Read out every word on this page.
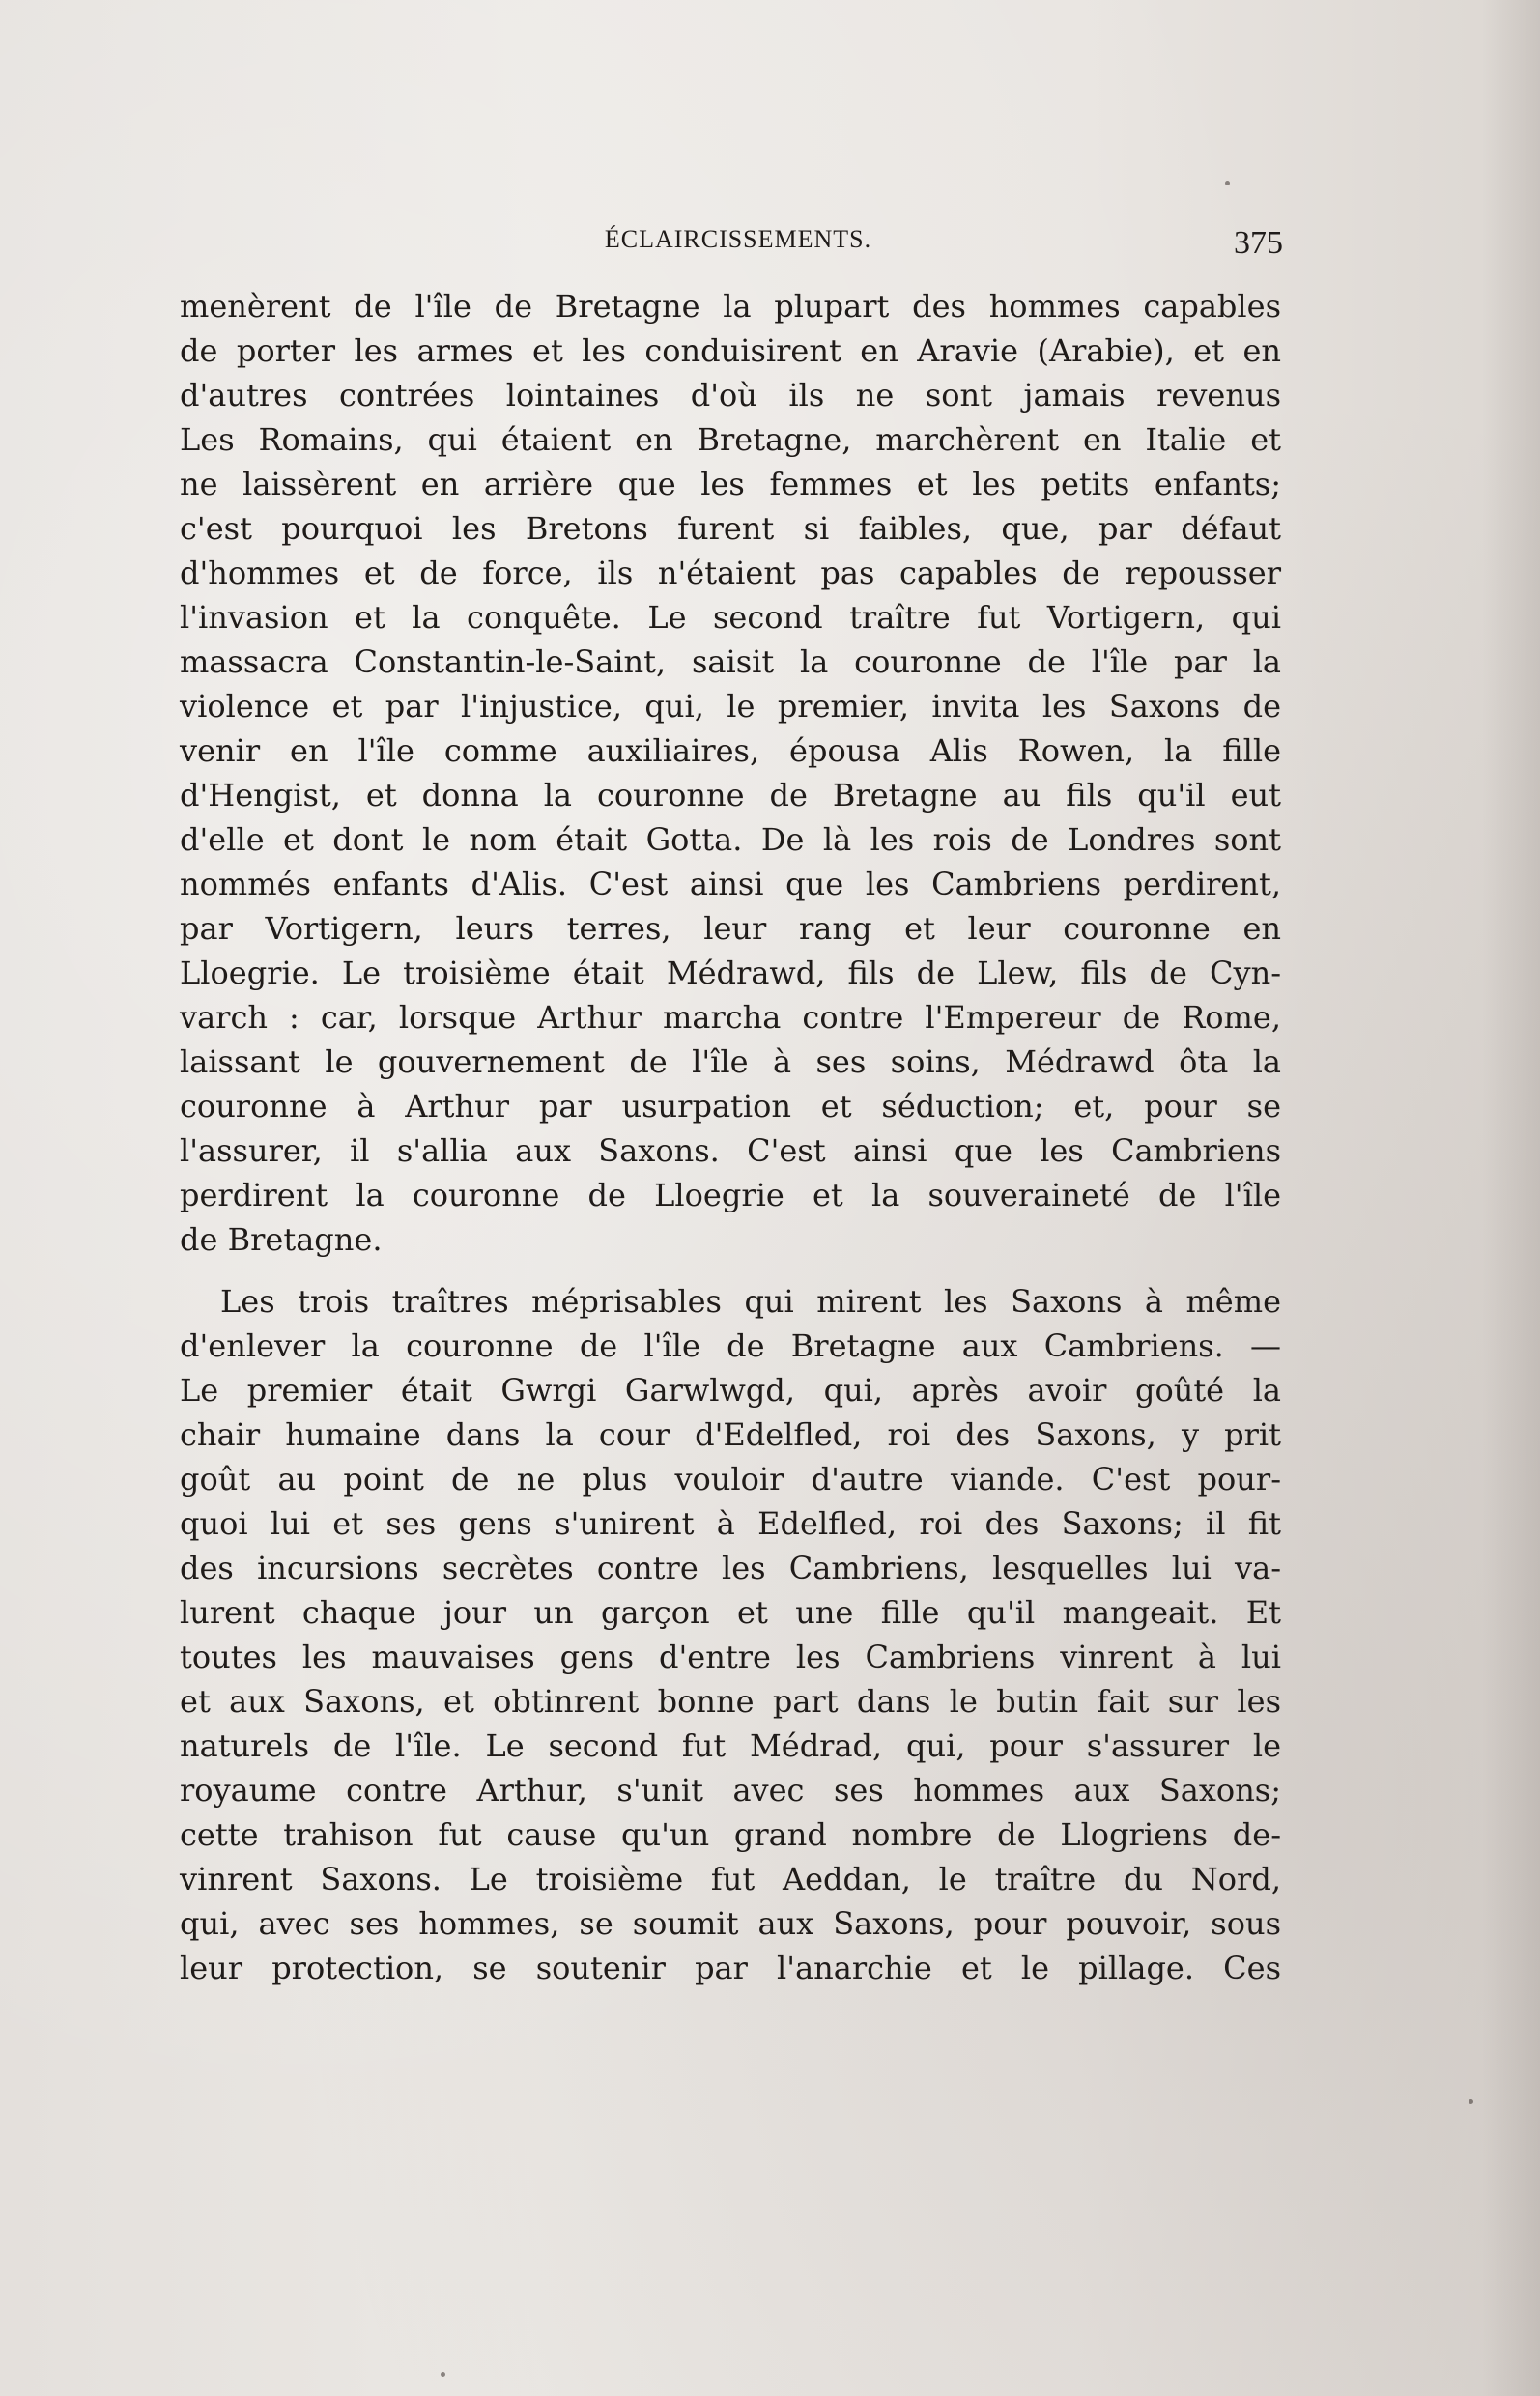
ÉCLAIRCISSEMENTS.	375
menèrent de l'île de Bretagne la plupart des hommes capables
de porter les armes et les conduisirent en Aravie (Arabie), et en
d'autres contrées lointaines d'où ils ne sont jamais revenus
Les Romains, qui étaient en Bretagne, marchèrent en Italie et
ne laissèrent en arrière que les femmes et les petits enfants;
c'est pourquoi les Bretons furent si faibles, que, par défaut
d'hommes et de force, ils n'étaient pas capables de repousser
l'invasion et la conquête. Le second traître fut Vortigern, qui
massacra Constantin-le-Saint, saisit la couronne de l'île par la
violence et par l'injustice, qui, le premier, invita les Saxons de
venir en l'île comme auxiliaires, épousa Alis Rowen, la fille
d'Hengist, et donna la couronne de Bretagne au fils qu'il eut
d'elle et dont le nom était Gotta. De là les rois de Londres sont
nommés enfants d'Alis. C'est ainsi que les Cambriens perdirent,
par Vortigern, leurs terres, leur rang et leur couronne en
Lloegrie. Le troisième était Médrawd, fils de Llew, fils de Cyn-
varch : car, lorsque Arthur marcha contre l'Empereur de Rome,
laissant le gouvernement de l'île à ses soins, Médrawd ôta la
couronne à Arthur par usurpation et séduction; et, pour se
l'assurer, il s'allia aux Saxons. C'est ainsi que les Cambriens
perdirent la couronne de Lloegrie et la souveraineté de l'île
de Bretagne.
Les trois traîtres méprisables qui mirent les Saxons à même
d'enlever la couronne de l'île de Bretagne aux Cambriens. —
Le premier était Gwrgi Garwlwgd, qui, après avoir goûté la
chair humaine dans la cour d'Edelfled, roi des Saxons, y prit
goût au point de ne plus vouloir d'autre viande. C'est pour-
quoi lui et ses gens s'unirent à Edelfled, roi des Saxons; il fit
des incursions secrètes contre les Cambriens, lesquelles lui va-
lurent chaque jour un garçon et une fille qu'il mangeait. Et
toutes les mauvaises gens d'entre les Cambriens vinrent à lui
et aux Saxons, et obtinrent bonne part dans le butin fait sur les
naturels de l'île. Le second fut Médrad, qui, pour s'assurer le
royaume contre Arthur, s'unit avec ses hommes aux Saxons;
cette trahison fut cause qu'un grand nombre de Llogriens de-
vinrent Saxons. Le troisième fut Aeddan, le traître du Nord,
qui, avec ses hommes, se soumit aux Saxons, pour pouvoir, sous
leur protection, se soutenir par l'anarchie et le pillage. Ces
